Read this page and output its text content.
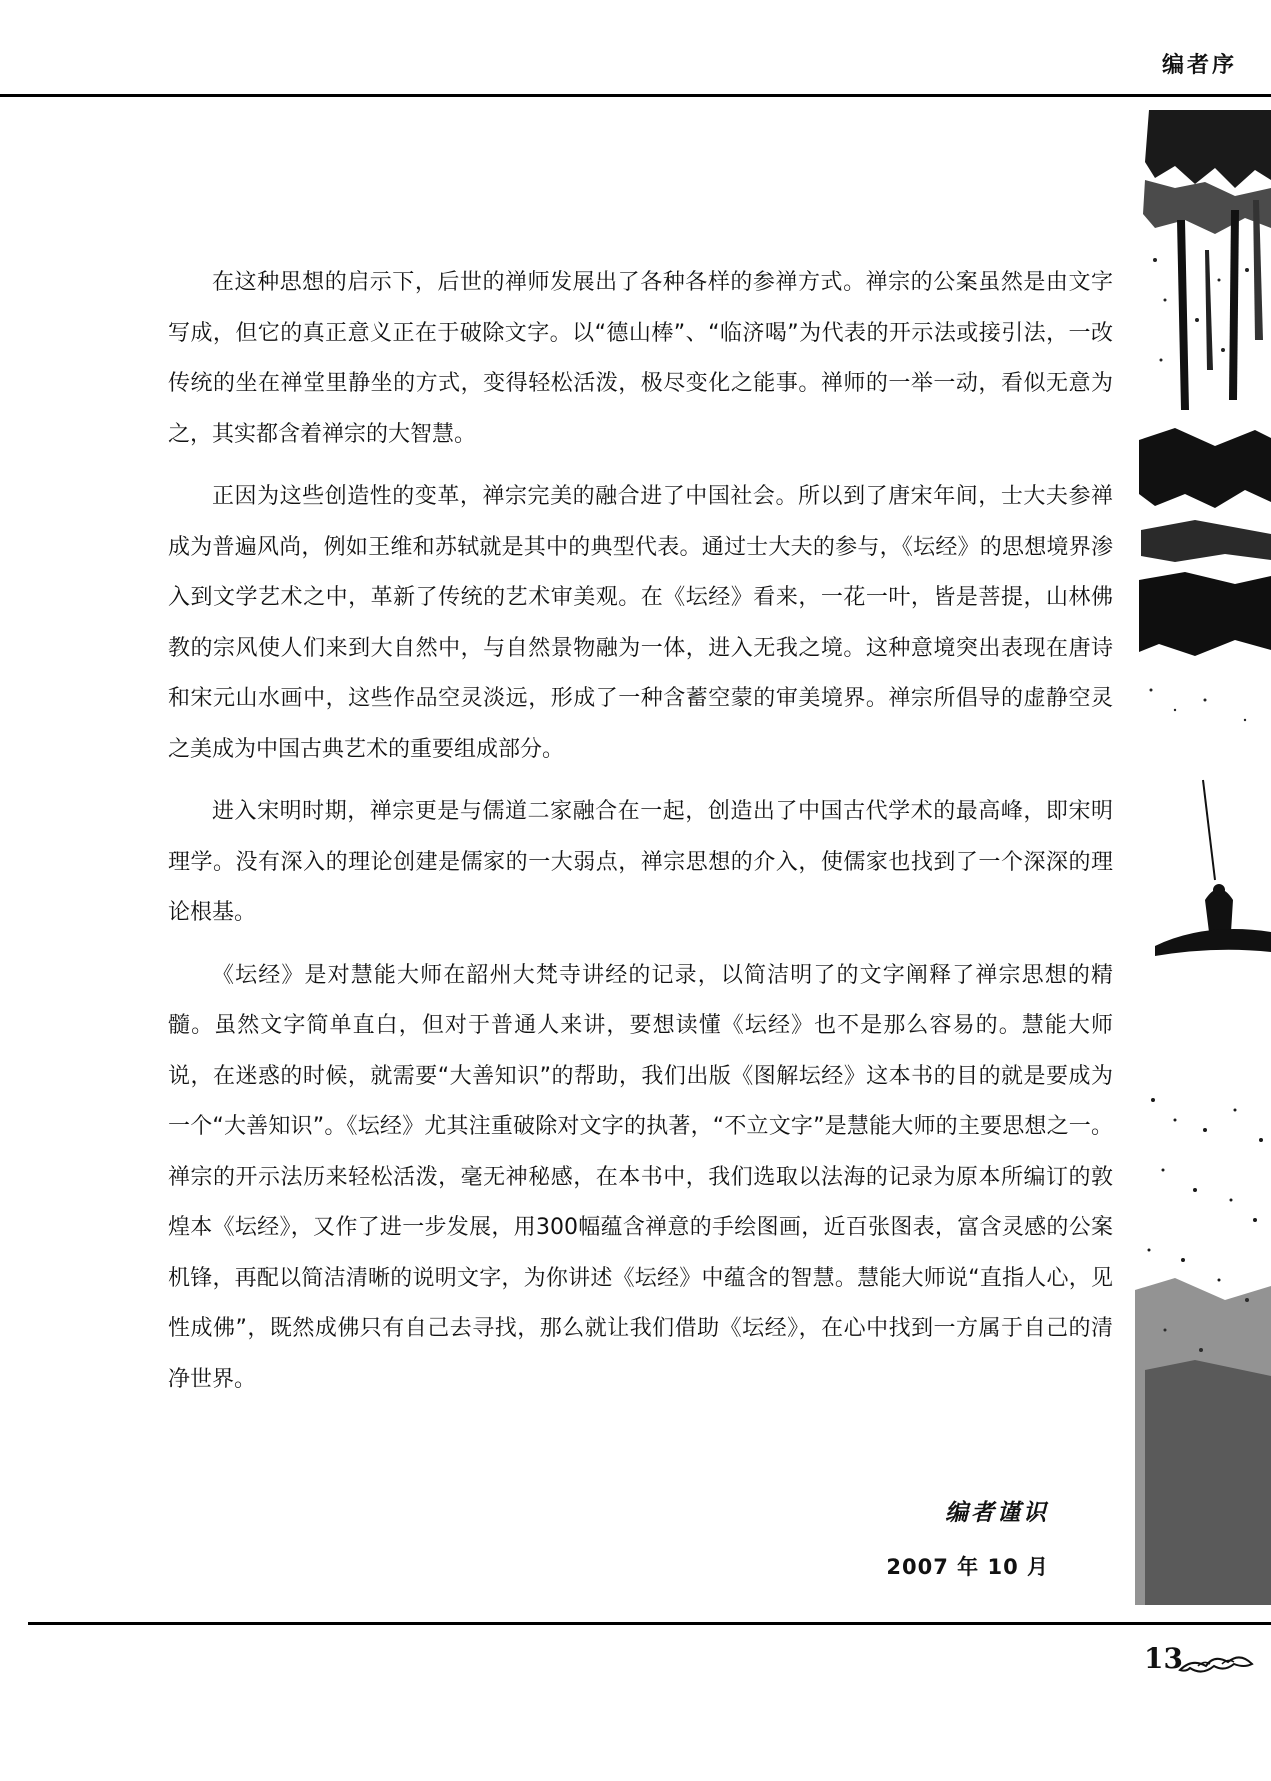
编者序

在这种思想的启示下，后世的禅师发展出了各种各样的参禅方式。禅宗的公案虽然是由文字写成，但它的真正意义正在于破除文字。以“德山棒”、“临济喝”为代表的开示法或接引法，一改传统的坐在禅堂里静坐的方式，变得轻松活泼，极尽变化之能事。禅师的一举一动，看似无意为之，其实都含着禅宗的大智慧。

正因为这些创造性的变革，禅宗完美的融合进了中国社会。所以到了唐宋年间，士大夫参禅成为普遍风尚，例如王维和苏轼就是其中的典型代表。通过士大夫的参与，《坛经》的思想境界渗入到文学艺术之中，革新了传统的艺术审美观。在《坛经》看来，一花一叶，皆是菩提，山林佛教的宗风使人们来到大自然中，与自然景物融为一体，进入无我之境。这种意境突出表现在唐诗和宋元山水画中，这些作品空灵淡远，形成了一种含蓄空蒙的审美境界。禅宗所倡导的虚静空灵之美成为中国古典艺术的重要组成部分。

进入宋明时期，禅宗更是与儒道二家融合在一起，创造出了中国古代学术的最高峰，即宋明理学。没有深入的理论创建是儒家的一大弱点，禅宗思想的介入，使儒家也找到了一个深深的理论根基。

《坛经》是对慧能大师在韶州大梵寺讲经的记录，以简洁明了的文字阐释了禅宗思想的精髓。虽然文字简单直白，但对于普通人来讲，要想读懂《坛经》也不是那么容易的。慧能大师说，在迷惑的时候，就需要“大善知识”的帮助，我们出版《图解坛经》这本书的目的就是要成为一个“大善知识”。《坛经》尤其注重破除对文字的执著，“不立文字”是慧能大师的主要思想之一。禅宗的开示法历来轻松活泼，毫无神秘感，在本书中，我们选取以法海的记录为原本所编订的敦煌本《坛经》，又作了进一步发展，用300幅蕴含禅意的手绘图画，近百张图表，富含灵感的公案机锋，再配以简洁清晰的说明文字，为你讲述《坛经》中蕴含的智慧。慧能大师说“直指人心，见性成佛”，既然成佛只有自己去寻找，那么就让我们借助《坛经》，在心中找到一方属于自己的清净世界。

编者谨识
2007 年 10 月
13
